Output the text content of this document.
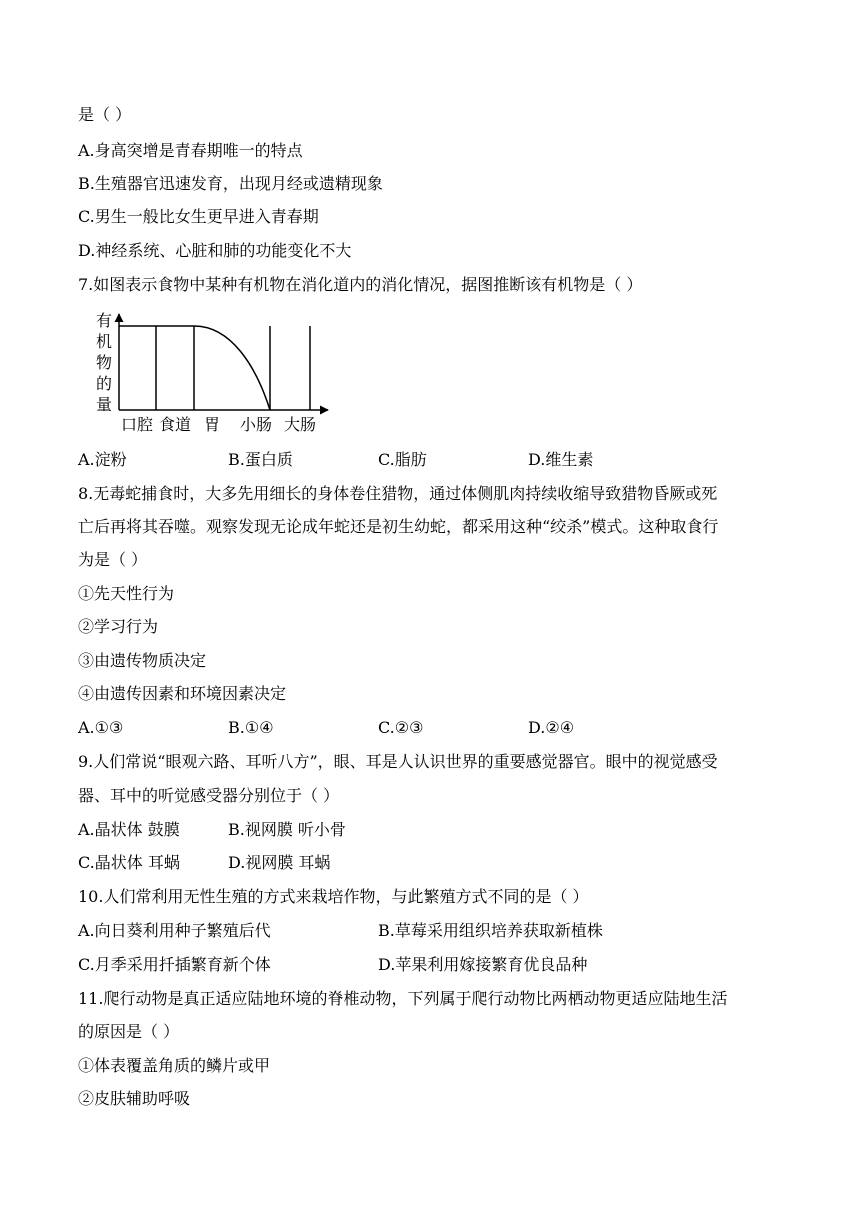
是（ ）
A.身高突增是青春期唯一的特点
B.生殖器官迅速发育，出现月经或遗精现象
C.男生一般比女生更早进入青春期
D.神经系统、心脏和肺的功能变化不大
7.如图表示食物中某种有机物在消化道内的消化情况，据图推断该有机物是（ ）
有
机
物
的
量
口腔 食道 胃 小肠 大肠
A.淀粉	B.蛋白质	C.脂肪	D.维生素
8.无毒蛇捕食时，大多先用细长的身体卷住猎物，通过体侧肌肉持续收缩导致猎物昏厥或死
亡后再将其吞噬。观察发现无论成年蛇还是初生幼蛇，都采用这种“绞杀”模式。这种取食行
为是（ ）
①先天性行为
②学习行为
③由遗传物质决定
④由遗传因素和环境因素决定
A.①③	B.①④	C.②③	D.②④
9.人们常说“眼观六路、耳听八方”，眼、耳是人认识世界的重要感觉器官。眼中的视觉感受
器、耳中的听觉感受器分别位于（ ）
A.晶状体 鼓膜	B.视网膜 听小骨
C.晶状体 耳蜗	D.视网膜 耳蜗
10.人们常利用无性生殖的方式来栽培作物，与此繁殖方式不同的是（ ）
A.向日葵利用种子繁殖后代	B.草莓采用组织培养获取新植株
C.月季采用扦插繁育新个体	D.苹果利用嫁接繁育优良品种
11.爬行动物是真正适应陆地环境的脊椎动物，下列属于爬行动物比两栖动物更适应陆地生活
的原因是（ ）
①体表覆盖角质的鳞片或甲
②皮肤辅助呼吸
